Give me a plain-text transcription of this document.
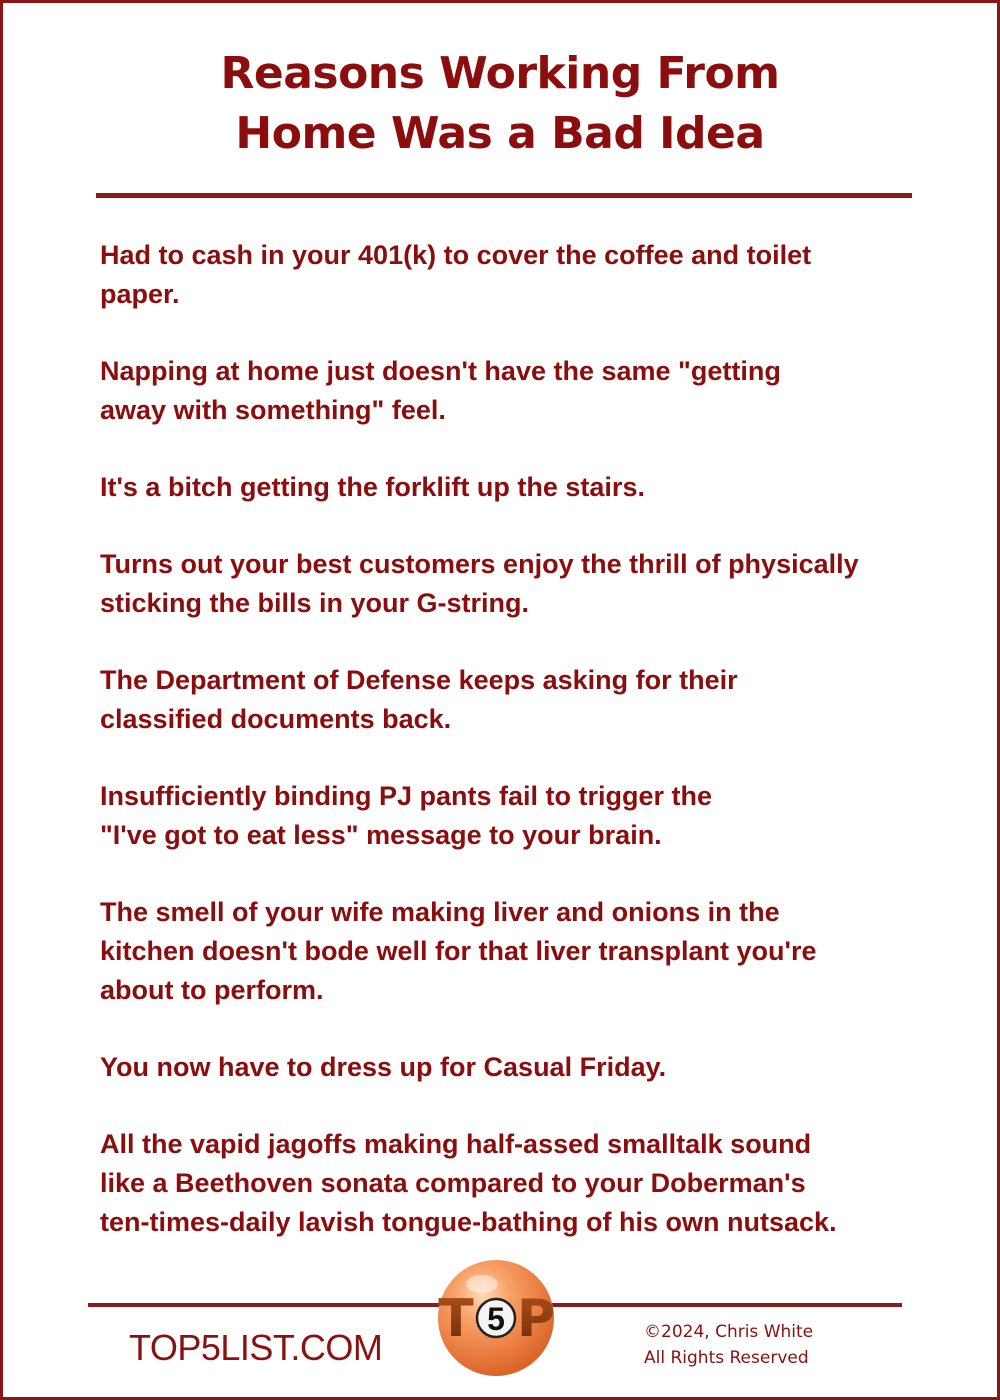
Reasons Working From
Home Was a Bad Idea
Had to cash in your 401(k) to cover the coffee and toilet
paper.
Napping at home just doesn't have the same "getting
away with something" feel.
It's a bitch getting the forklift up the stairs.
Turns out your best customers enjoy the thrill of physically
sticking the bills in your G-string.
The Department of Defense keeps asking for their
classified documents back.
Insufficiently binding PJ pants fail to trigger the
"I've got to eat less" message to your brain.
The smell of your wife making liver and onions in the
kitchen doesn't bode well for that liver transplant you're
about to perform.
You now have to dress up for Casual Friday.
All the vapid jagoffs making half-assed smalltalk sound
like a Beethoven sonata compared to your Doberman's
ten-times-daily lavish tongue-bathing of his own nutsack.
TOP5LIST.COM T P
5	©2024, Chris White
All Rights Reserved
